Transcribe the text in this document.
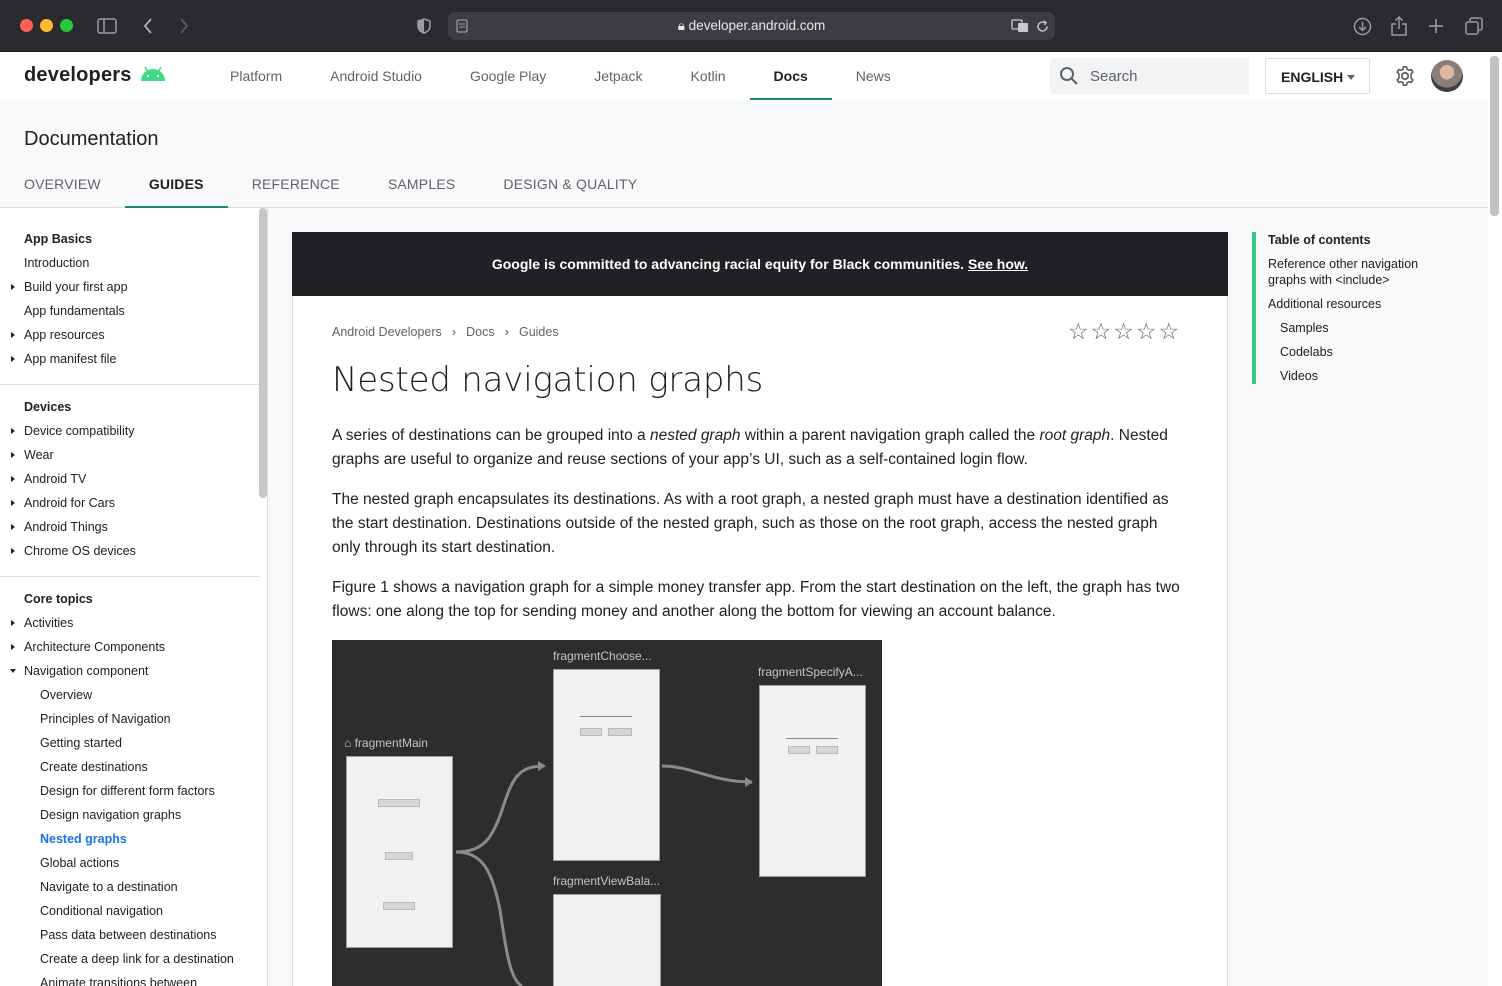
🔒︎ developer.android.com
developers	Platform	Android Studio	Google Play	Jetpack	Kotlin	Docs	News	Search	ENGLISH
Documentation
OVERVIEW	GUIDES	REFERENCE	SAMPLES	DESIGN & QUALITY
App Basics
Introduction
Build your first app
App fundamentals
App resources
App manifest file
Devices
Device compatibility
Wear
Android TV
Android for Cars
Android Things
Chrome OS devices
Core topics
Activities
Architecture Components
Navigation component
Overview
Principles of Navigation
Getting started
Create destinations
Design for different form factors
Design navigation graphs
Nested graphs
Global actions
Navigate to a destination
Conditional navigation
Pass data between destinations
Create a deep link for a destination
Animate transitions between
Google is committed to advancing racial equity for Black communities. See how.
Android Developers › Docs › Guides	☆ ☆ ☆ ☆ ☆
Nested navigation graphs

A series of destinations can be grouped into a nested graph within a parent navigation graph called the root graph. Nested graphs are useful to organize and reuse sections of your app’s UI, such as a self-contained login flow.

The nested graph encapsulates its destinations. As with a root graph, a nested graph must have a destination identified as the start destination. Destinations outside of the nested graph, such as those on the root graph, access the nested graph only through its start destination.

Figure 1 shows a navigation graph for a simple money transfer app. From the start destination on the left, the graph has two flows: one along the top for sending money and another along the bottom for viewing an account balance.

⌂ fragmentMain
fragmentChoose...
fragmentSpecifyA...
fragmentViewBala...
Table of contents
Reference other navigation graphs with <include>
Additional resources
Samples
Codelabs
Videos
